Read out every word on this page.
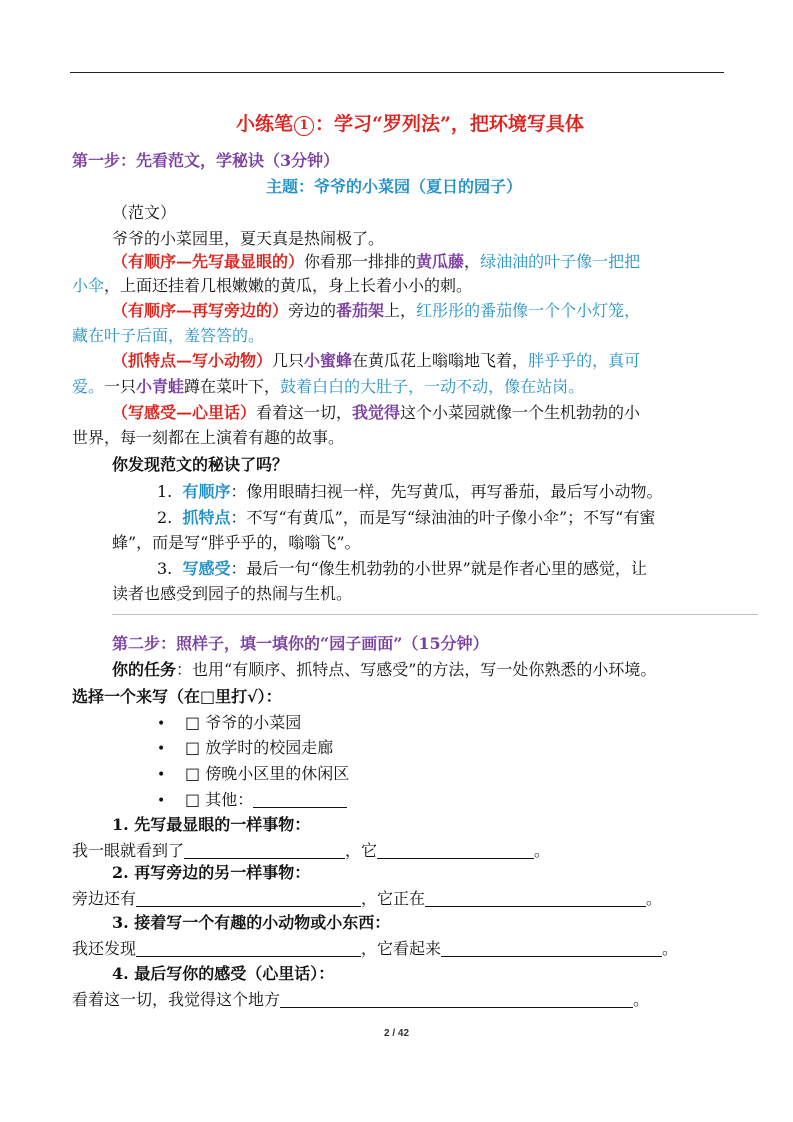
小练笔 1 ：学习“罗列法”，把环境写具体
第一步：先看范文，学秘诀（3分钟）
主题：爷爷的小菜园（夏日的园子）
（范文）
爷爷的小菜园里，夏天真是热闹极了。
（有顺序—先写最显眼的）你看那一排排的黄瓜藤，绿油油的叶子像一把把
小伞，上面还挂着几根嫩嫩的黄瓜，身上长着小小的刺。
（有顺序—再写旁边的）旁边的番茄架上，红彤彤的番茄像一个个小灯笼，
藏在叶子后面，羞答答的。
（抓特点—写小动物）几只小蜜蜂在黄瓜花上嗡嗡地飞着，胖乎乎的，真可
爱。一只小青蛙蹲在菜叶下，鼓着白白的大肚子，一动不动，像在站岗。
（写感受—心里话）看着这一切，我觉得这个小菜园就像一个生机勃勃的小
世界，每一刻都在上演着有趣的故事。
你发现范文的秘诀了吗？
1. 有顺序：像用眼睛扫视一样，先写黄瓜，再写番茄，最后写小动物。
2. 抓特点：不写“有黄瓜”，而是写“绿油油的叶子像小伞”；不写“有蜜
蜂”，而是写“胖乎乎的，嗡嗡飞”。
3. 写感受：最后一句“像生机勃勃的小世界”就是作者心里的感觉，让
读者也感受到园子的热闹与生机。
第二步：照样子，填一填你的“园子画面”（15分钟）
你的任务：也用“有顺序、抓特点、写感受”的方法，写一处你熟悉的小环境。
选择一个来写（在□里打√）：
• □ 爷爷的小菜园
• □ 放学时的校园走廊
• □ 傍晚小区里的休闲区
• □ 其他：
1. 先写最显眼的一样事物：
我一眼就看到了	，它	。
2. 再写旁边的另一样事物：
旁边还有	，它正在	。
3. 接着写一个有趣的小动物或小东西：
我还发现	，它看起来	。
4. 最后写你的感受（心里话）：
看着这一切，我觉得这个地方	。
2 / 42
